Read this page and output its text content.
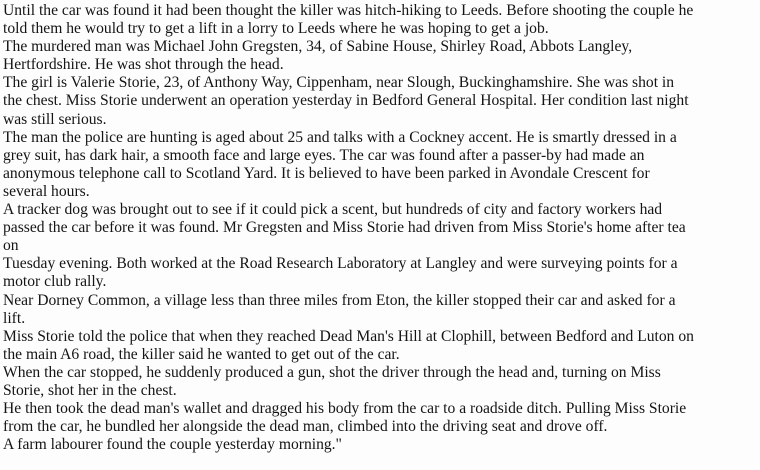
Until the car was found it had been thought the killer was hitch-hiking to Leeds. Before shooting the couple he
told them he would try to get a lift in a lorry to Leeds where he was hoping to get a job.
The murdered man was Michael John Gregsten, 34, of Sabine House, Shirley Road, Abbots Langley,
Hertfordshire. He was shot through the head.
The girl is Valerie Storie, 23, of Anthony Way, Cippenham, near Slough, Buckinghamshire. She was shot in
the chest. Miss Storie underwent an operation yesterday in Bedford General Hospital. Her condition last night
was still serious.
The man the police are hunting is aged about 25 and talks with a Cockney accent. He is smartly dressed in a
grey suit, has dark hair, a smooth face and large eyes. The car was found after a passer-by had made an
anonymous telephone call to Scotland Yard. It is believed to have been parked in Avondale Crescent for
several hours.
A tracker dog was brought out to see if it could pick a scent, but hundreds of city and factory workers had
passed the car before it was found. Mr Gregsten and Miss Storie had driven from Miss Storie's home after tea
on
Tuesday evening. Both worked at the Road Research Laboratory at Langley and were surveying points for a
motor club rally.
Near Dorney Common, a village less than three miles from Eton, the killer stopped their car and asked for a
lift.
Miss Storie told the police that when they reached Dead Man's Hill at Clophill, between Bedford and Luton on
the main A6 road, the killer said he wanted to get out of the car.
When the car stopped, he suddenly produced a gun, shot the driver through the head and, turning on Miss
Storie, shot her in the chest.
He then took the dead man's wallet and dragged his body from the car to a roadside ditch. Pulling Miss Storie
from the car, he bundled her alongside the dead man, climbed into the driving seat and drove off.
A farm labourer found the couple yesterday morning."
